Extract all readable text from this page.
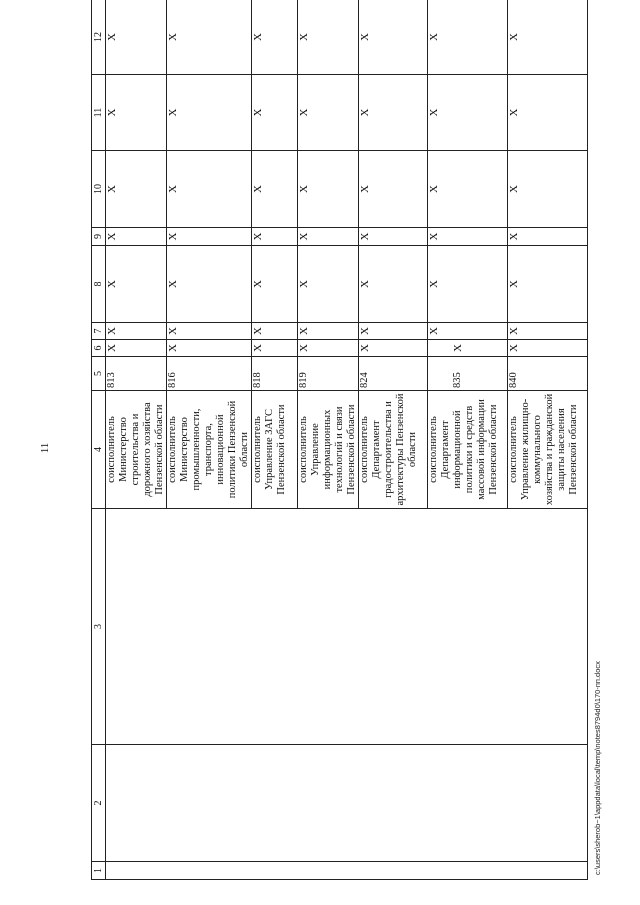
11
1	2	3	4	5	6	7	8	9	10	11	12
			соисполнитель Министерство строительства и дорожного хозяйства Пензенской области	813	X	X	X	X	X	X	X
			соисполнитель Министерство промышленности, транспорта, инновационной политики Пензенской области	816	X	X	X	X	X	X	X
			соисполнитель Управление ЗАГС Пензенской области	818	X	X	X	X	X	X	X
			соисполнитель Управление информационных технологий и связи Пензенской области	819	X	X	X	X	X	X	X
			соисполнитель Департамент градостроительства и архитектуры Пензенской области	824	X	X	X	X	X	X	X
			соисполнитель Департамент информационной политики и средств массовой информации Пензенской области	835	X	X	X	X	X	X	X
			соисполнитель Управление жилищно-коммунального хозяйства и гражданской защиты населения Пензенской области	840	X	X	X	X	X	X	X
c:\users\sherob~1\appdata\local\temp\notes8794d0\170-пп.docx
